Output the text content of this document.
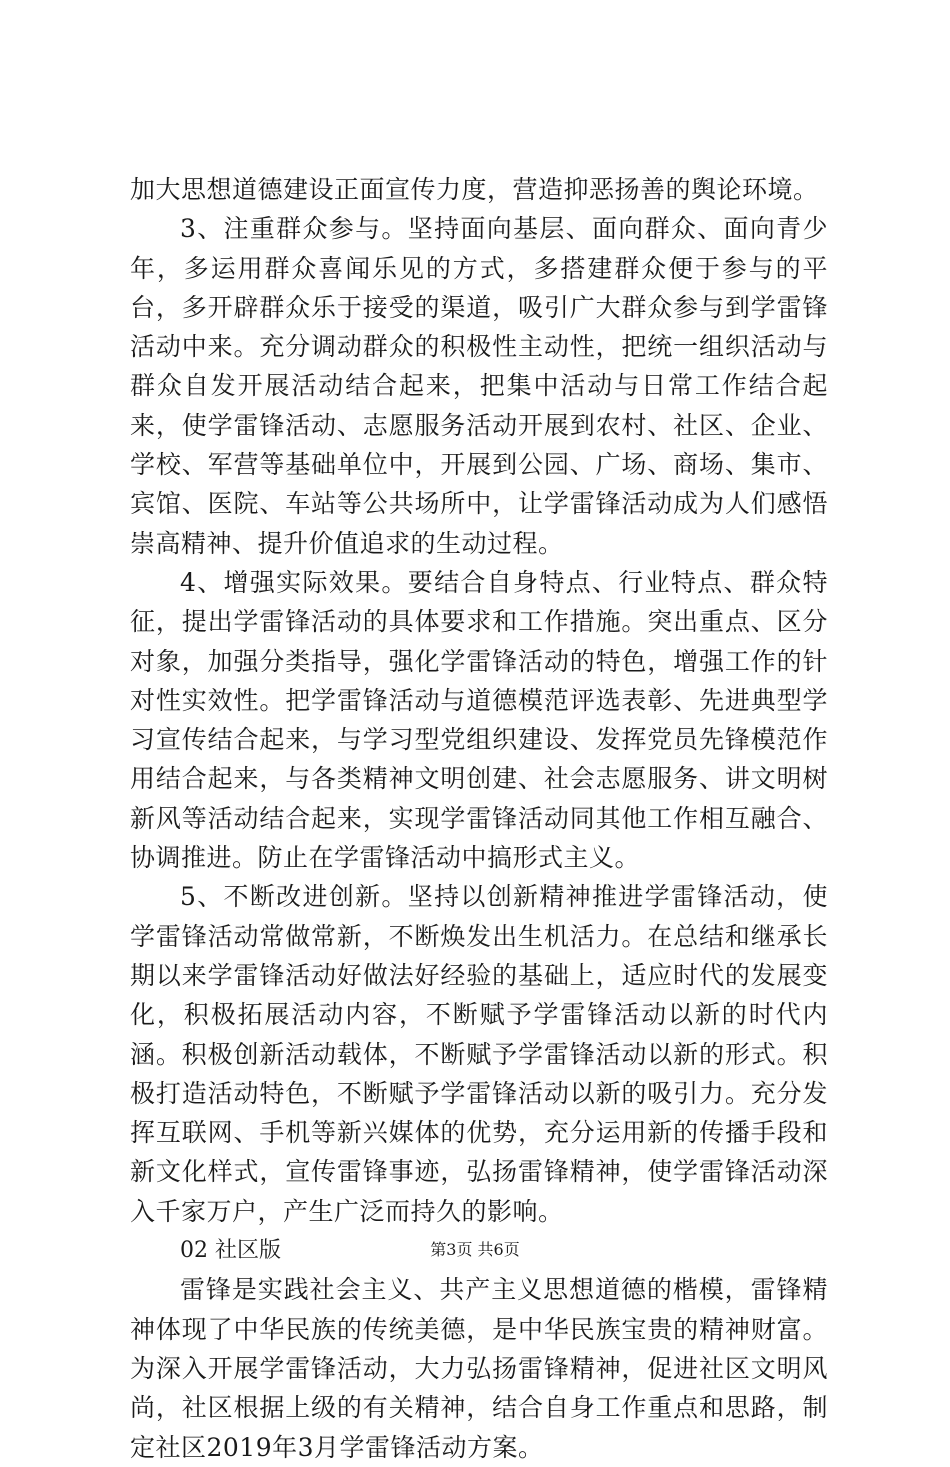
加大思想道德建设正面宣传力度，营造抑恶扬善的舆论环境。

3、注重群众参与。坚持面向基层、面向群众、面向青少年，多运用群众喜闻乐见的方式，多搭建群众便于参与的平台，多开辟群众乐于接受的渠道，吸引广大群众参与到学雷锋活动中来。充分调动群众的积极性主动性，把统一组织活动与群众自发开展活动结合起来，把集中活动与日常工作结合起来，使学雷锋活动、志愿服务活动开展到农村、社区、企业、学校、军营等基础单位中，开展到公园、广场、商场、集市、宾馆、医院、车站等公共场所中，让学雷锋活动成为人们感悟崇高精神、提升价值追求的生动过程。

4、增强实际效果。要结合自身特点、行业特点、群众特征，提出学雷锋活动的具体要求和工作措施。突出重点、区分对象，加强分类指导，强化学雷锋活动的特色，增强工作的针对性实效性。把学雷锋活动与道德模范评选表彰、先进典型学习宣传结合起来，与学习型党组织建设、发挥党员先锋模范作用结合起来，与各类精神文明创建、社会志愿服务、讲文明树新风等活动结合起来，实现学雷锋活动同其他工作相互融合、协调推进。防止在学雷锋活动中搞形式主义。

5、不断改进创新。坚持以创新精神推进学雷锋活动，使学雷锋活动常做常新，不断焕发出生机活力。在总结和继承长期以来学雷锋活动好做法好经验的基础上，适应时代的发展变化，积极拓展活动内容，不断赋予学雷锋活动以新的时代内涵。积极创新活动载体，不断赋予学雷锋活动以新的形式。积极打造活动特色，不断赋予学雷锋活动以新的吸引力。充分发挥互联网、手机等新兴媒体的优势，充分运用新的传播手段和新文化样式，宣传雷锋事迹，弘扬雷锋精神，使学雷锋活动深入千家万户，产生广泛而持久的影响。

02 社区版

雷锋是实践社会主义、共产主义思想道德的楷模，雷锋精神体现了中华民族的传统美德，是中华民族宝贵的精神财富。为深入开展学雷锋活动，大力弘扬雷锋精神，促进社区文明风尚，社区根据上级的有关精神，结合自身工作重点和思路，制定社区2019年3月学雷锋活动方案。

第3页 共6页
